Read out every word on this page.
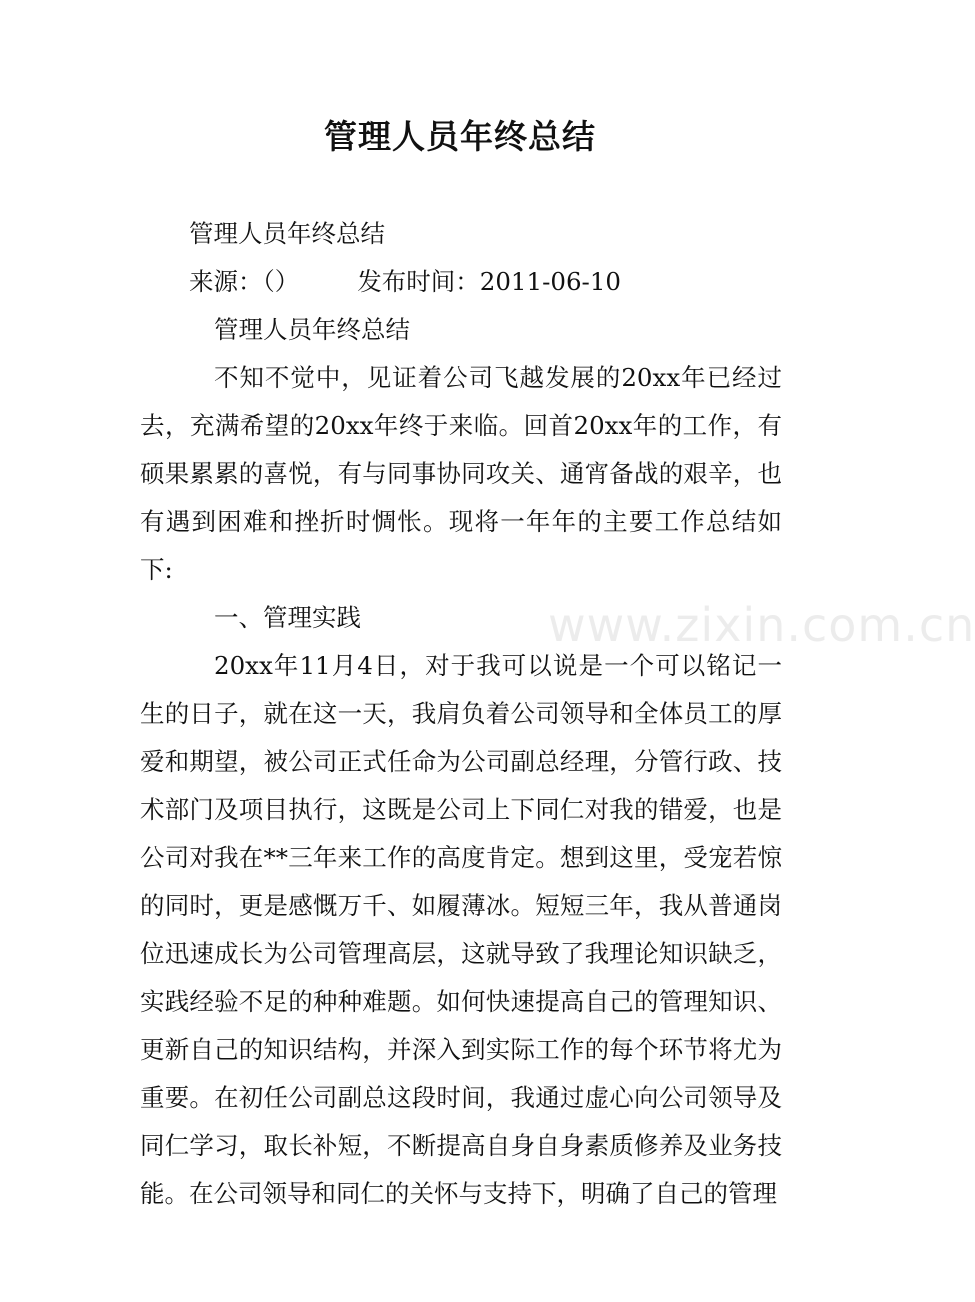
管理人员年终总结

管理人员年终总结

来源：（） 发布时间：2011-06-10

管理人员年终总结

不知不觉中，见证着公司飞越发展的20xx年已经过去，充满希望的20xx年终于来临。回首20xx年的工作，有硕果累累的喜悦，有与同事协同攻关、通宵备战的艰辛，也有遇到困难和挫折时惆怅。现将一年年的主要工作总结如下:

一、管理实践

20xx年11月4日，对于我可以说是一个可以铭记一生的日子，就在这一天，我肩负着公司领导和全体员工的厚爱和期望，被公司正式任命为公司副总经理，分管行政、技术部门及项目执行，这既是公司上下同仁对我的错爱，也是公司对我在**三年来工作的高度肯定。想到这里，受宠若惊的同时，更是感慨万千、如履薄冰。短短三年，我从普通岗位迅速成长为公司管理高层，这就导致了我理论知识缺乏，实践经验不足的种种难题。如何快速提高自己的管理知识、更新自己的知识结构，并深入到实际工作的每个环节将尤为重要。在初任公司副总这段时间，我通过虚心向公司领导及同仁学习，取长补短，不断提高自身自身素质修养及业务技能。在公司领导和同仁的关怀与支持下，明确了自己的管理

www.zixin.com.cn
